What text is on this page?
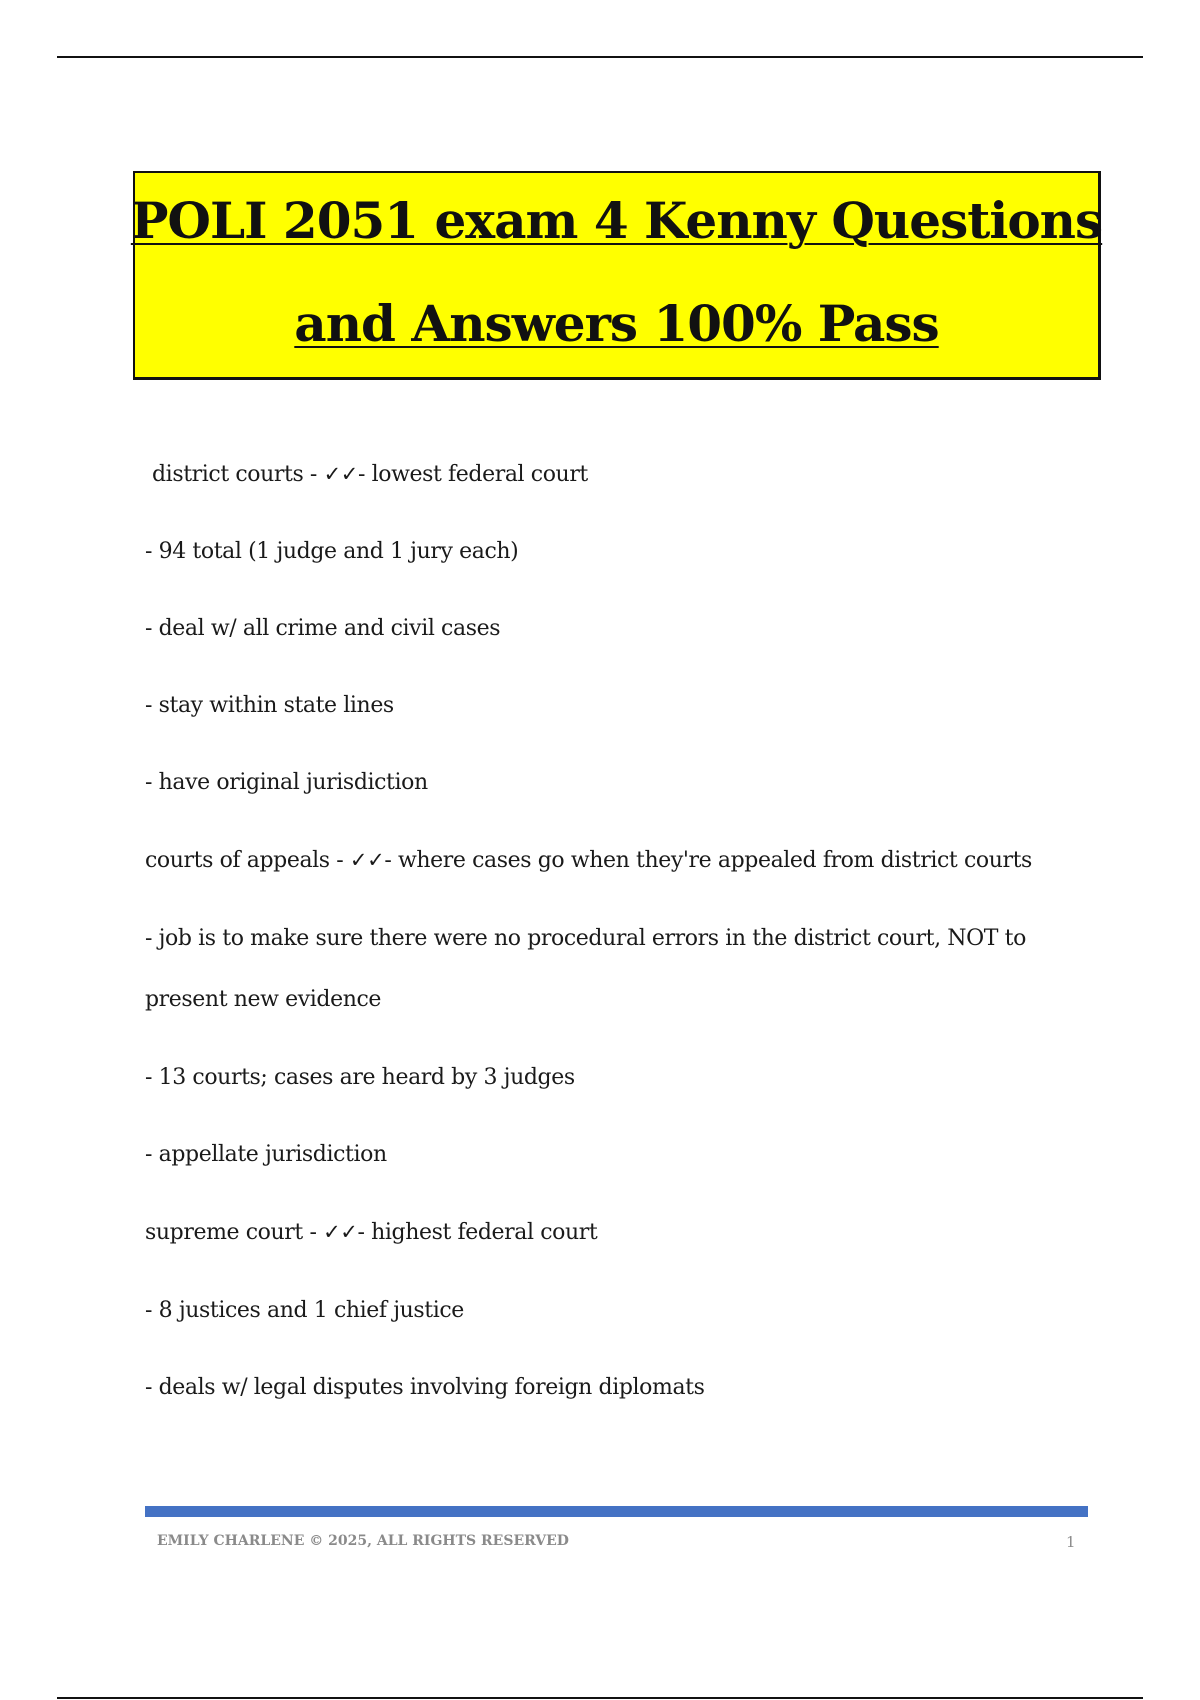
POLI 2051 exam 4 Kenny Questions
and Answers 100% Pass
district courts - ✓✓- lowest federal court
- 94 total (1 judge and 1 jury each)
- deal w/ all crime and civil cases
- stay within state lines
- have original jurisdiction
courts of appeals - ✓✓- where cases go when they're appealed from district courts
- job is to make sure there were no procedural errors in the district court, NOT to
present new evidence
- 13 courts; cases are heard by 3 judges
- appellate jurisdiction
supreme court - ✓✓- highest federal court
- 8 justices and 1 chief justice
- deals w/ legal disputes involving foreign diplomats
EMILY CHARLENE © 2025, ALL RIGHTS RESERVED	1
